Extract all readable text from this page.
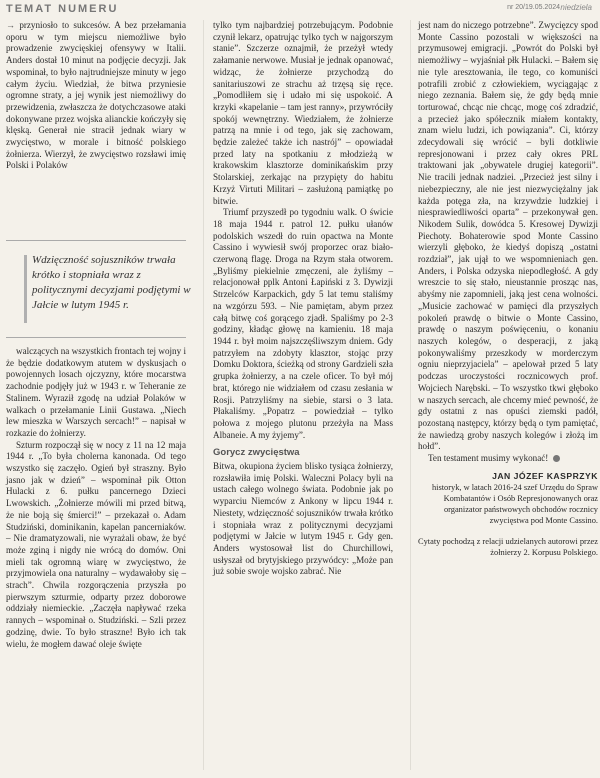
TEMAT NUMERU	nr 20/19.05.2024 niedziela

→ przyniosło to sukcesów. A bez przełamania oporu w tym miejscu niemożliwe było prowadzenie zwycięskiej ofensywy w Italii. Anders dostał 10 minut na podjęcie decyzji. Jak wspominał, to było najtrudniejsze minuty w jego całym życiu. Wiedział, że bitwa przyniesie ogromne straty, a jej wynik jest niemożliwy do przewidzenia, zwłaszcza że dotychczasowe ataki dokonywane przez wojska alianckie kończyły się klęską. Generał nie stracił jednak wiary w zwycięstwo, w morale i bitność polskiego żołnierza. Wierzył, że zwycięstwo rozsławi imię Polski i Polaków

Wdzięczność sojuszników trwała krótko i stopniała wraz z politycznymi decyzjami podjętymi w Jałcie w lutym 1945 r.

walczących na wszystkich frontach tej wojny i że będzie dodatkowym atutem w dyskusjach o powojennych losach ojczyzny, które mocarstwa zachodnie podjęły już w 1943 r. w Teheranie ze Stalinem. Wyraził zgodę na udział Polaków w walkach o przełamanie Linii Gustawa. „Niech lew mieszka w Warszych sercach!” – napisał w rozkazie do żołnierzy.

Szturm rozpoczął się w nocy z 11 na 12 maja 1944 r. „To była cholerna kanonada. Od tego wszystko się zaczęło. Ogień był straszny. Było jasno jak w dzień” – wspominał pik Otton Hulacki z 6. pułku pancernego Dzieci Lwowskich. „Żołnierze mówili mi przed bitwą, że nie boją się śmierci!” – przekazał o. Adam Studziński, dominikanin, kapelan pancerniaków. – Nie dramatyzowali, nie wyrażali obaw, że być może zginą i nigdy nie wrócą do domów. Oni mieli tak ogromną wiarę w zwycięstwo, że przyjmowiela ona naturalny – wydawałoby się – strach”. Chwila rozgorączenia przyszła po pierwszym szturmie, odparty przez doborowe oddziały niemieckie. „Zaczęła napływać rzeka rannych – wspominał o. Studziński. – Szli przez godzinę, dwie. To było straszne! Było ich tak wielu, że mogłem dawać oleje święte

tylko tym najbardziej potrzebującym. Podobnie czynił lekarz, opatrując tylko tych w najgorszym stanie”. Szczerze oznajmił, że przeżył wtedy załamanie nerwowe. Musiał je jednak opanować, widząc, że żołnierze przychodzą do sanitariuszowi ze strachu aż trzęsą się ręce. „Pomodliłem się i udało mi się uspokoić. A krzyki «kapelanie – tam jest ranny», przywróciły spokój wewnętrzny. Wiedziałem, że żołnierze patrzą na mnie i od tego, jak się zachowam, będzie zależeć także ich nastrój” – opowiadał przed laty na spotkaniu z młodzieżą w krakowskim klasztorze dominikańskim przy Stolarskiej, zerkając na przypięty do habitu Krzyż Virtuti Militari – zasłużoną pamiątkę po bitwie.

Triumf przyszedł po tygodniu walk. O świcie 18 maja 1944 r. patrol 12. pułku ułanów podolskich wszedł do ruin opactwa na Monte Cassino i wywiesił swój proporzec oraz biało-czerwoną flagę. Droga na Rzym stała otworem. „Byliśmy piekielnie zmęczeni, ale żyliśmy – relacjonował pplk Antoni Łapiński z 3. Dywizji Strzelców Karpackich, gdy 5 lat temu staliśmy na wzgórzu 593. – Nie pamiętam, abym przez całą bitwę coś gorącego zjadł. Spaliśmy po 2-3 godziny, kładąc głowę na kamieniu. 18 maja 1944 r. był moim najszczęśliwszym dniem. Gdy patrzyłem na zdobyty klasztor, stojąc przy Domku Doktora, ścieżką od strony Gardzieli szła grupka żołnierzy, a na czele oficer. To był mój brat, którego nie widziałem od czasu zesłania w Rosji. Patrzyliśmy na siebie, starsi o 3 lata. Płakaliśmy. „Popatrz – powiedział – tylko połowa z mojego plutonu przeżyła na Mass Albaneie. A my żyjemy”.

Gorycz zwycięstwa

Bitwa, okupiona życiem blisko tysiąca żołnierzy, rozsławiła imię Polski. Waleczni Polacy byli na ustach całego wolnego świata. Podobnie jak po wyparciu Niemców z Ankony w lipcu 1944 r. Niestety, wdzięczność sojuszników trwała krótko i stopniała wraz z politycznymi decyzjami podjętymi w Jałcie w lutym 1945 r. Gdy gen. Anders wystosował list do Churchillowi, usłyszał od brytyjskiego przywódcy: „Może pan już sobie swoje wojsko zabrać. Nie

jest nam do niczego potrzebne”. Zwycięzcy spod Monte Cassino pozostali w większości na przymusowej emigracji. „Powrót do Polski był niemożliwy – wyjaśniał płk Hulacki. – Bałem się nie tyle aresztowania, ile tego, co komuniści potrafili zrobić z człowiekiem, wyciągając z niego zeznania. Bałem się, że gdy będą mnie torturować, chcąc nie chcąc, mogę coś zdradzić, a przecież jako spółecznik miałem kontakty, znam wielu ludzi, ich powiązania”. Ci, którzy zdecydowali się wrócić – byli dotkliwie represjonowani i przez cały okres PRL traktowani jak „obywatele drugiej kategorii”. Nie tracili jednak nadziei. „Przecież jest silny i niebezpieczny, ale nie jest niezwyciężalny jak każda potęga zła, na krzywdzie ludzkiej i niesprawiedliwości oparta” – przekonywał gen. Nikodem Sulik, dowódca 5. Kresowej Dywizji Piechoty. Bohaterowie spod Monte Cassino wierzyli głęboko, że kiedyś dopiszą „ostatni rozdział”, jak ujął to we wspomnieniach gen. Anders, i Polska odzyska niepodległość. A gdy wreszcie to się stało, nieustannie prosząc nas, abyśmy nie zapomnieli, jaką jest cena wolności. „Musicie zachować w pamięci dla przyszłych pokoleń prawdę o bitwie o Monte Cassino, prawdę o naszym poświęceniu, o konaniu naszych kolegów, o desperacji, z jaką pokonywaliśmy przeszkody w morderczym ogniu nieprzyjaciela” – apelował przed 5 laty podczas uroczystości rocznicowych prof. Wojciech Narębski. – To wszystko tkwi głęboko w naszych sercach, ale chcemy mieć pewność, że gdy ostatni z nas opuści ziemski padół, pozostaną następcy, którzy będą o tym pamiętać, że nawiedzą groby naszych kolegów i złożą im hołd”.

Ten testament musimy wykonać!

JAN JÓZEF KASPRZYK
historyk, w latach 2016-24 szef Urzędu do Spraw Kombatantów i Osób Represjonowanych oraz organizator państwowych obchodów rocznicy zwycięstwa pod Monte Cassino.
Cytaty pochodzą z relacji udzielanych autorowi przez żołnierzy 2. Korpusu Polskiego.
